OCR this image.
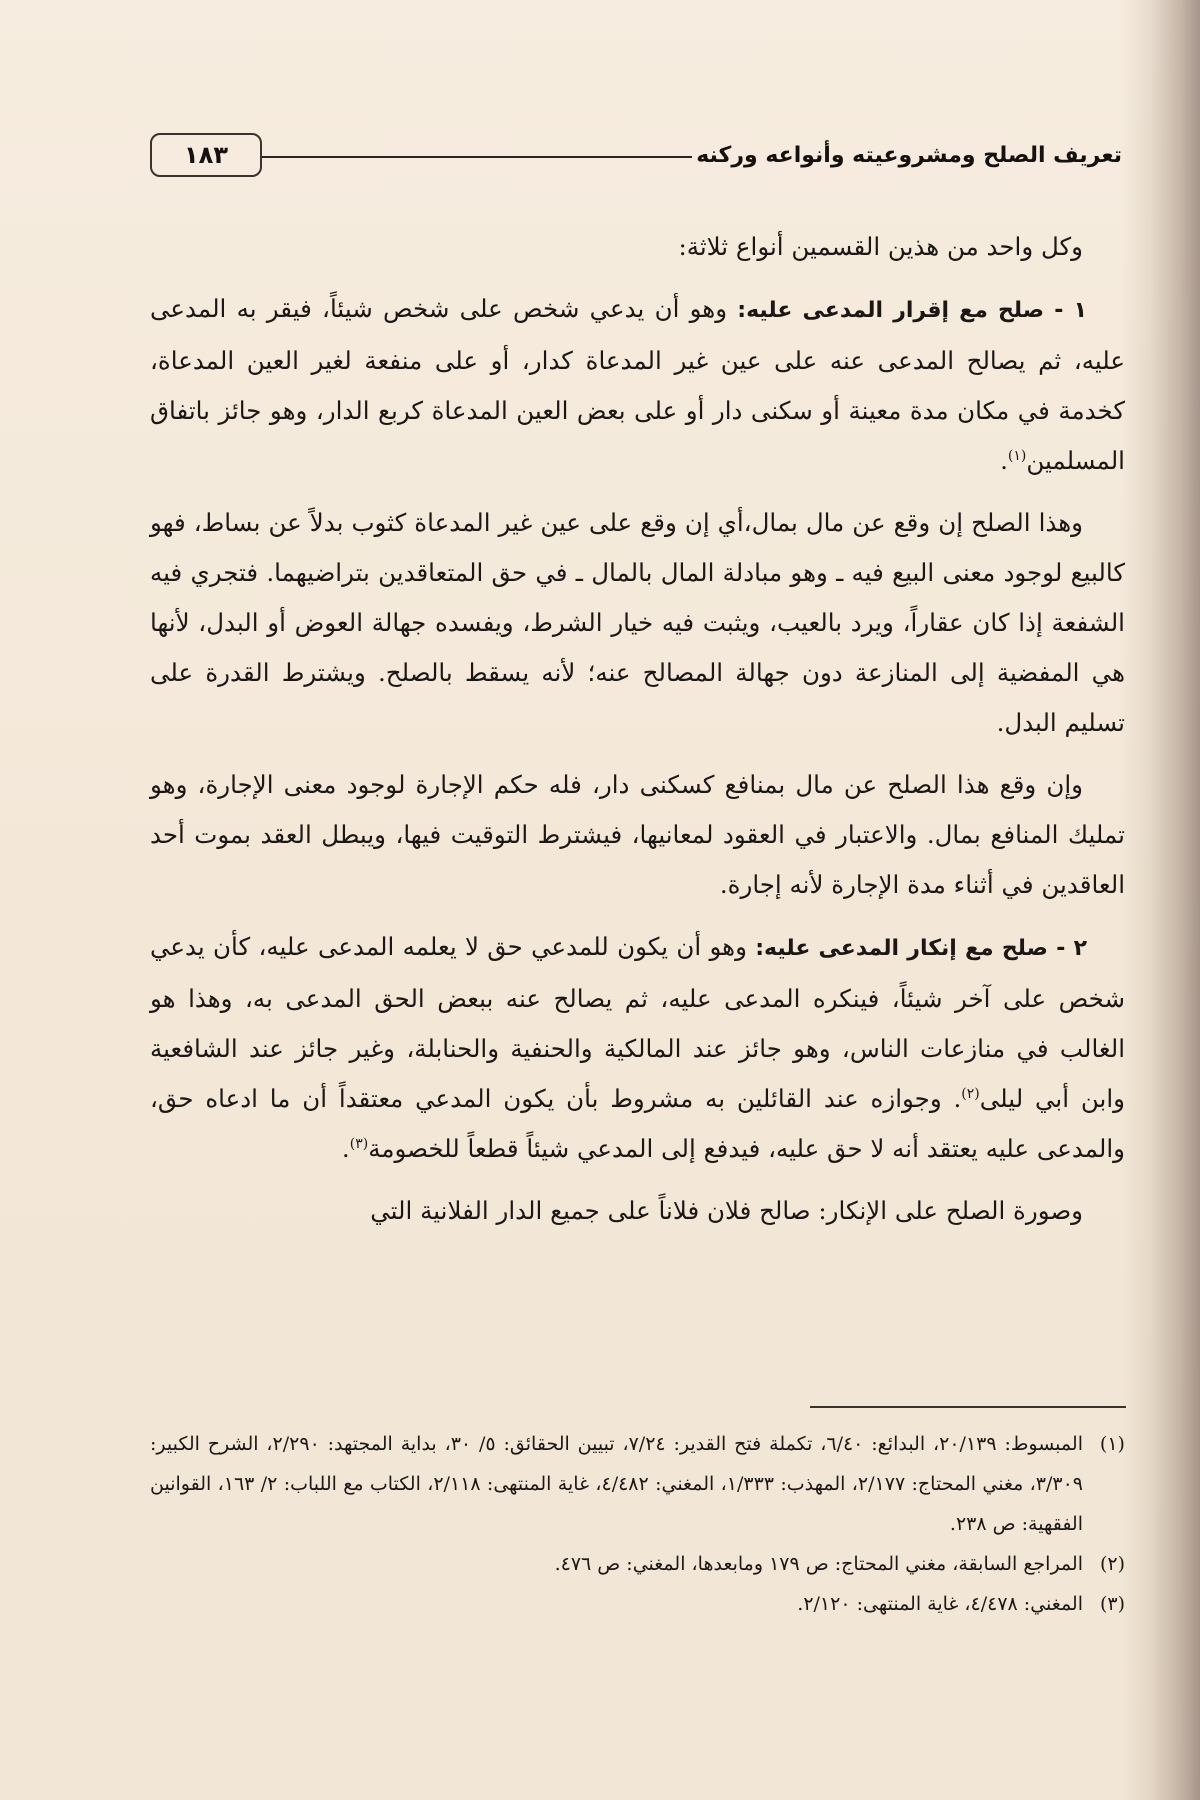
تعريف الصلح ومشروعيته وأنواعه وركنه
١٨٣

وكل واحد من هذين القسمين أنواع ثلاثة:

١ - صلح مع إقرار المدعى عليه: وهو أن يدعي شخص على شخص شيئاً، فيقر به المدعى عليه، ثم يصالح المدعى عنه على عين غير المدعاة كدار، أو على منفعة لغير العين المدعاة، كخدمة في مكان مدة معينة أو سكنى دار أو على بعض العين المدعاة كربع الدار، وهو جائز باتفاق المسلمين$^{(١)}$.

وهذا الصلح إن وقع عن مال بمال،أي إن وقع على عين غير المدعاة كثوب بدلاً عن بساط، فهو كالبيع لوجود معنى البيع فيه ـ وهو مبادلة المال بالمال ـ في حق المتعاقدين بتراضيهما. فتجري فيه الشفعة إذا كان عقاراً، ويرد بالعيب، ويثبت فيه خيار الشرط، ويفسده جهالة العوض أو البدل، لأنها هي المفضية إلى المنازعة دون جهالة المصالح عنه؛ لأنه يسقط بالصلح. ويشترط القدرة على تسليم البدل.

وإن وقع هذا الصلح عن مال بمنافع كسكنى دار، فله حكم الإجارة لوجود معنى الإجارة، وهو تمليك المنافع بمال. والاعتبار في العقود لمعانيها، فيشترط التوقيت فيها، ويبطل العقد بموت أحد العاقدين في أثناء مدة الإجارة لأنه إجارة.

٢ - صلح مع إنكار المدعى عليه: وهو أن يكون للمدعي حق لا يعلمه المدعى عليه، كأن يدعي شخص على آخر شيئاً، فينكره المدعى عليه، ثم يصالح عنه ببعض الحق المدعى به، وهذا هو الغالب في منازعات الناس، وهو جائز عند المالكية والحنفية والحنابلة، وغير جائز عند الشافعية وابن أبي ليلى$^{(٢)}$. وجوازه عند القائلين به مشروط بأن يكون المدعي معتقداً أن ما ادعاه حق، والمدعى عليه يعتقد أنه لا حق عليه، فيدفع إلى المدعي شيئاً قطعاً للخصومة$^{(٣)}$.

وصورة الصلح على الإنكار: صالح فلان فلاناً على جميع الدار الفلانية التي

(١)المبسوط: ٢٠/١٣٩، البدائع: ٦/٤٠، تكملة فتح القدير: ٧/٢٤، تبيين الحقائق: ٥/ ٣٠، بداية المجتهد: ٢/٢٩٠، الشرح الكبير: ٣/٣٠٩، مغني المحتاج: ٢/١٧٧، المهذب: ١/٣٣٣، المغني: ٤/٤٨٢، غاية المنتهى: ٢/١١٨، الكتاب مع اللباب: ٢/ ١٦٣، القوانين الفقهية: ص ٢٣٨.

(٢)المراجع السابقة، مغني المحتاج: ص ١٧٩ ومابعدها، المغني: ص ٤٧٦.

(٣)المغني: ٤/٤٧٨، غاية المنتهى: ٢/١٢٠.
